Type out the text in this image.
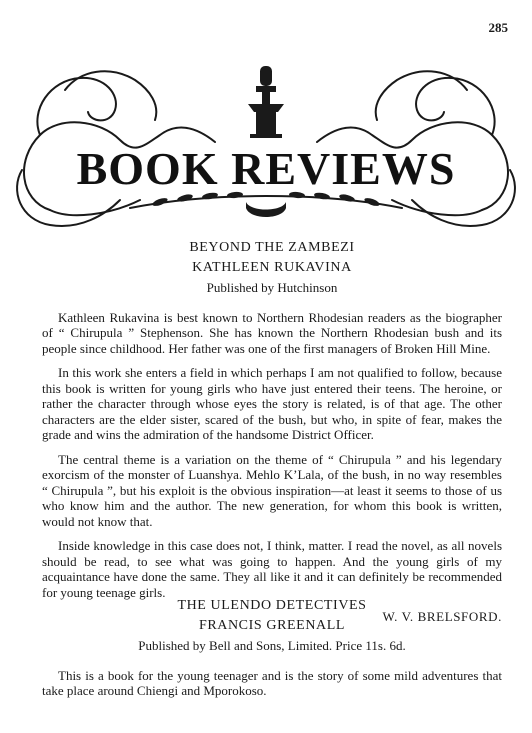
285
BOOK REVIEWS
BEYOND THE ZAMBEZI
KATHLEEN RUKAVINA
Published by Hutchinson

Kathleen Rukavina is best known to Northern Rhodesian readers as the biographer of “ Chirupula ” Stephenson. She has known the Northern Rhodesian bush and its people since childhood. Her father was one of the first managers of Broken Hill Mine.

In this work she enters a field in which perhaps I am not qualified to follow, because this book is written for young girls who have just entered their teens. The heroine, or rather the character through whose eyes the story is related, is of that age. The other characters are the elder sister, scared of the bush, but who, in spite of fear, makes the grade and wins the admiration of the handsome District Officer.

The central theme is a variation on the theme of “ Chirupula ” and his legendary exorcism of the monster of Luanshya. Mehlo K’Lala, of the bush, in no way resembles “ Chirupula ”, but his exploit is the obvious inspiration—at least it seems to those of us who know him and the author. The new generation, for whom this book is written, would not know that.

Inside knowledge in this case does not, I think, matter. I read the novel, as all novels should be read, to see what was going to happen. And the young girls of my acquaintance have done the same. They all like it and it can definitely be recommended for young teenage girls.

W. V. BRELSFORD.
THE ULENDO DETECTIVES
FRANCIS GREENALL
Published by Bell and Sons, Limited. Price 11s. 6d.

This is a book for the young teenager and is the story of some mild adventures that take place around Chiengi and Mporokoso.
